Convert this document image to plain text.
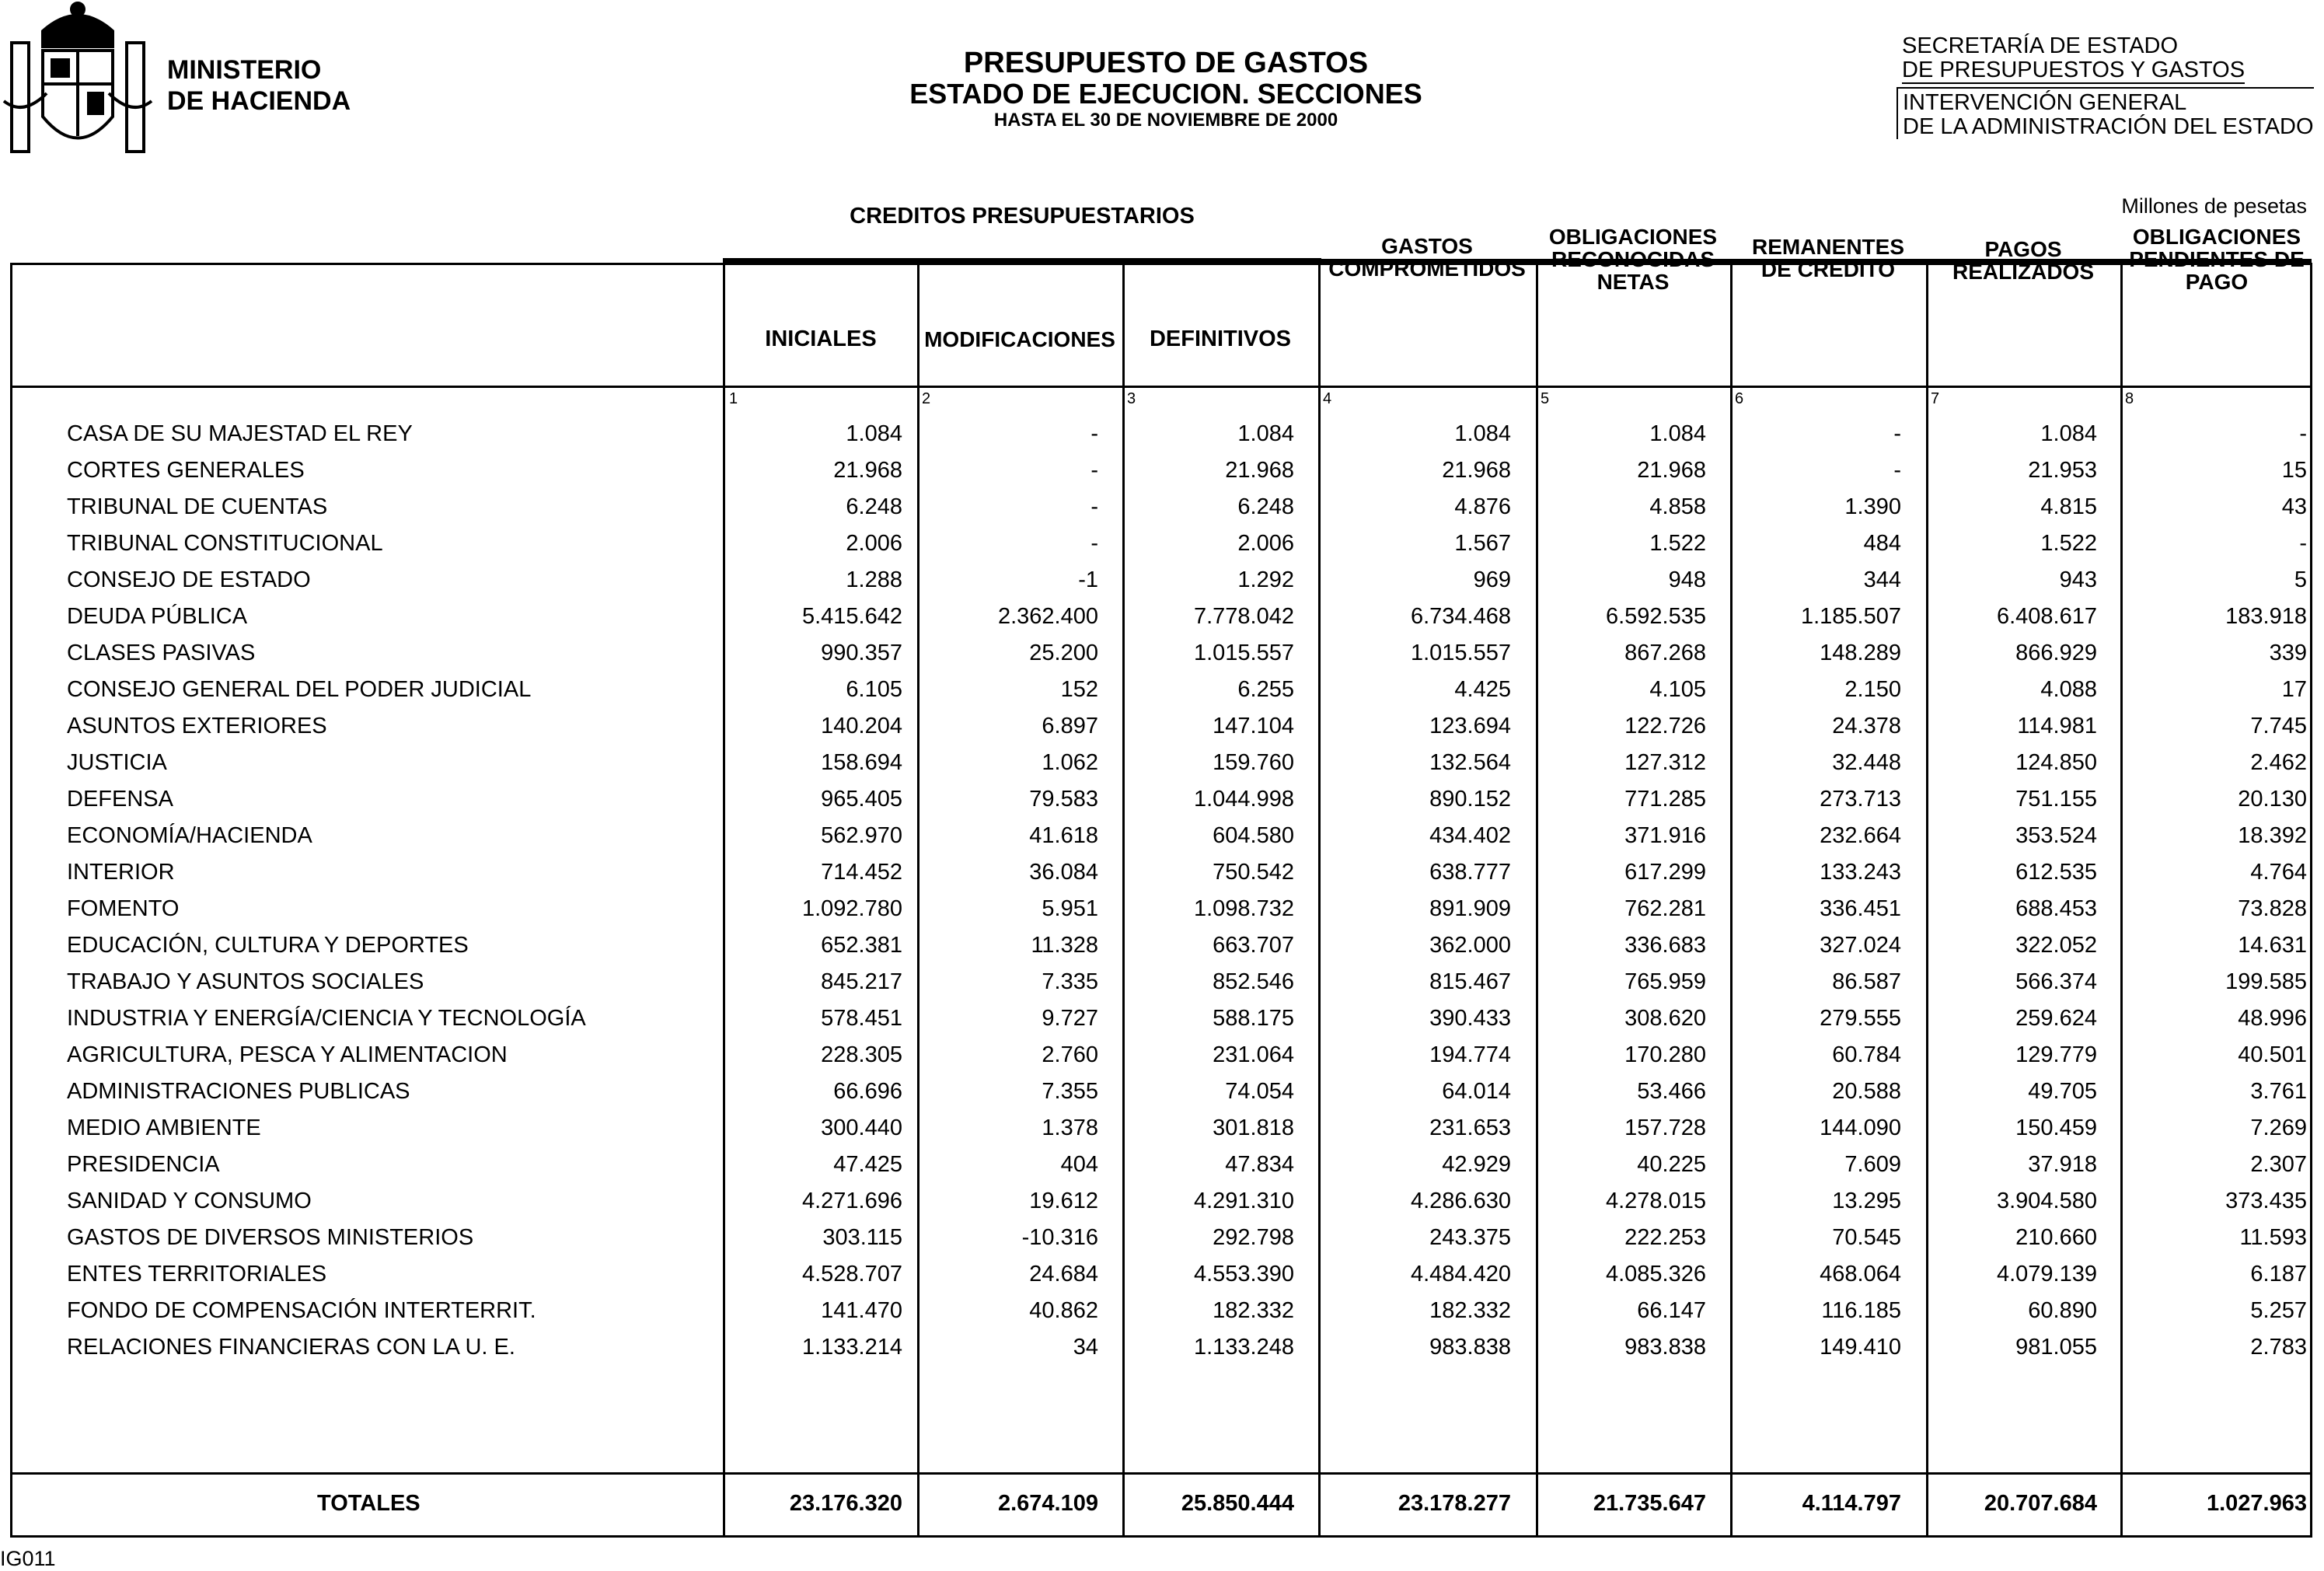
MINISTERIO
DE HACIENDA
PRESUPUESTO DE GASTOS
ESTADO DE EJECUCION. SECCIONES
HASTA EL 30 DE NOVIEMBRE DE 2000
SECRETARÍA DE ESTADO
DE PRESUPUESTOS Y GASTOS
INTERVENCIÓN GENERAL
DE LA ADMINISTRACIÓN DEL ESTADO
Millones de pesetas
CREDITOS PRESUPUESTARIOS
INICIALES	MODIFICACIONES	DEFINITIVOS
GASTOS
COMPROMETIDOS
OBLIGACIONES
RECONOCIDAS
NETAS
REMANENTES
DE CREDITO
PAGOS
REALIZADOS
OBLIGACIONES
PENDIENTES DE
PAGO
1	2	3	4	5	6	7	8
CASA DE SU MAJESTAD EL REY	1.084	-	1.084	1.084	1.084	-	1.084	-
CORTES GENERALES	21.968	-	21.968	21.968	21.968	-	21.953	15
TRIBUNAL DE CUENTAS	6.248	-	6.248	4.876	4.858	1.390	4.815	43
TRIBUNAL CONSTITUCIONAL	2.006	-	2.006	1.567	1.522	484	1.522	-
CONSEJO DE ESTADO	1.288	-1	1.292	969	948	344	943	5
DEUDA PÚBLICA	5.415.642	2.362.400	7.778.042	6.734.468	6.592.535	1.185.507	6.408.617	183.918
CLASES PASIVAS	990.357	25.200	1.015.557	1.015.557	867.268	148.289	866.929	339
CONSEJO GENERAL DEL PODER JUDICIAL	6.105	152	6.255	4.425	4.105	2.150	4.088	17
ASUNTOS EXTERIORES	140.204	6.897	147.104	123.694	122.726	24.378	114.981	7.745
JUSTICIA	158.694	1.062	159.760	132.564	127.312	32.448	124.850	2.462
DEFENSA	965.405	79.583	1.044.998	890.152	771.285	273.713	751.155	20.130
ECONOMÍA/HACIENDA	562.970	41.618	604.580	434.402	371.916	232.664	353.524	18.392
INTERIOR	714.452	36.084	750.542	638.777	617.299	133.243	612.535	4.764
FOMENTO	1.092.780	5.951	1.098.732	891.909	762.281	336.451	688.453	73.828
EDUCACIÓN, CULTURA Y DEPORTES	652.381	11.328	663.707	362.000	336.683	327.024	322.052	14.631
TRABAJO Y ASUNTOS SOCIALES	845.217	7.335	852.546	815.467	765.959	86.587	566.374	199.585
INDUSTRIA Y ENERGÍA/CIENCIA Y TECNOLOGÍA	578.451	9.727	588.175	390.433	308.620	279.555	259.624	48.996
AGRICULTURA, PESCA Y ALIMENTACION	228.305	2.760	231.064	194.774	170.280	60.784	129.779	40.501
ADMINISTRACIONES PUBLICAS	66.696	7.355	74.054	64.014	53.466	20.588	49.705	3.761
MEDIO AMBIENTE	300.440	1.378	301.818	231.653	157.728	144.090	150.459	7.269
PRESIDENCIA	47.425	404	47.834	42.929	40.225	7.609	37.918	2.307
SANIDAD Y CONSUMO	4.271.696	19.612	4.291.310	4.286.630	4.278.015	13.295	3.904.580	373.435
GASTOS DE DIVERSOS MINISTERIOS	303.115	-10.316	292.798	243.375	222.253	70.545	210.660	11.593
ENTES TERRITORIALES	4.528.707	24.684	4.553.390	4.484.420	4.085.326	468.064	4.079.139	6.187
FONDO DE COMPENSACIÓN INTERTERRIT.	141.470	40.862	182.332	182.332	66.147	116.185	60.890	5.257
RELACIONES FINANCIERAS CON LA U. E.	1.133.214	34	1.133.248	983.838	983.838	149.410	981.055	2.783
TOTALES	23.176.320	2.674.109	25.850.444	23.178.277	21.735.647	4.114.797	20.707.684	1.027.963
IG011
